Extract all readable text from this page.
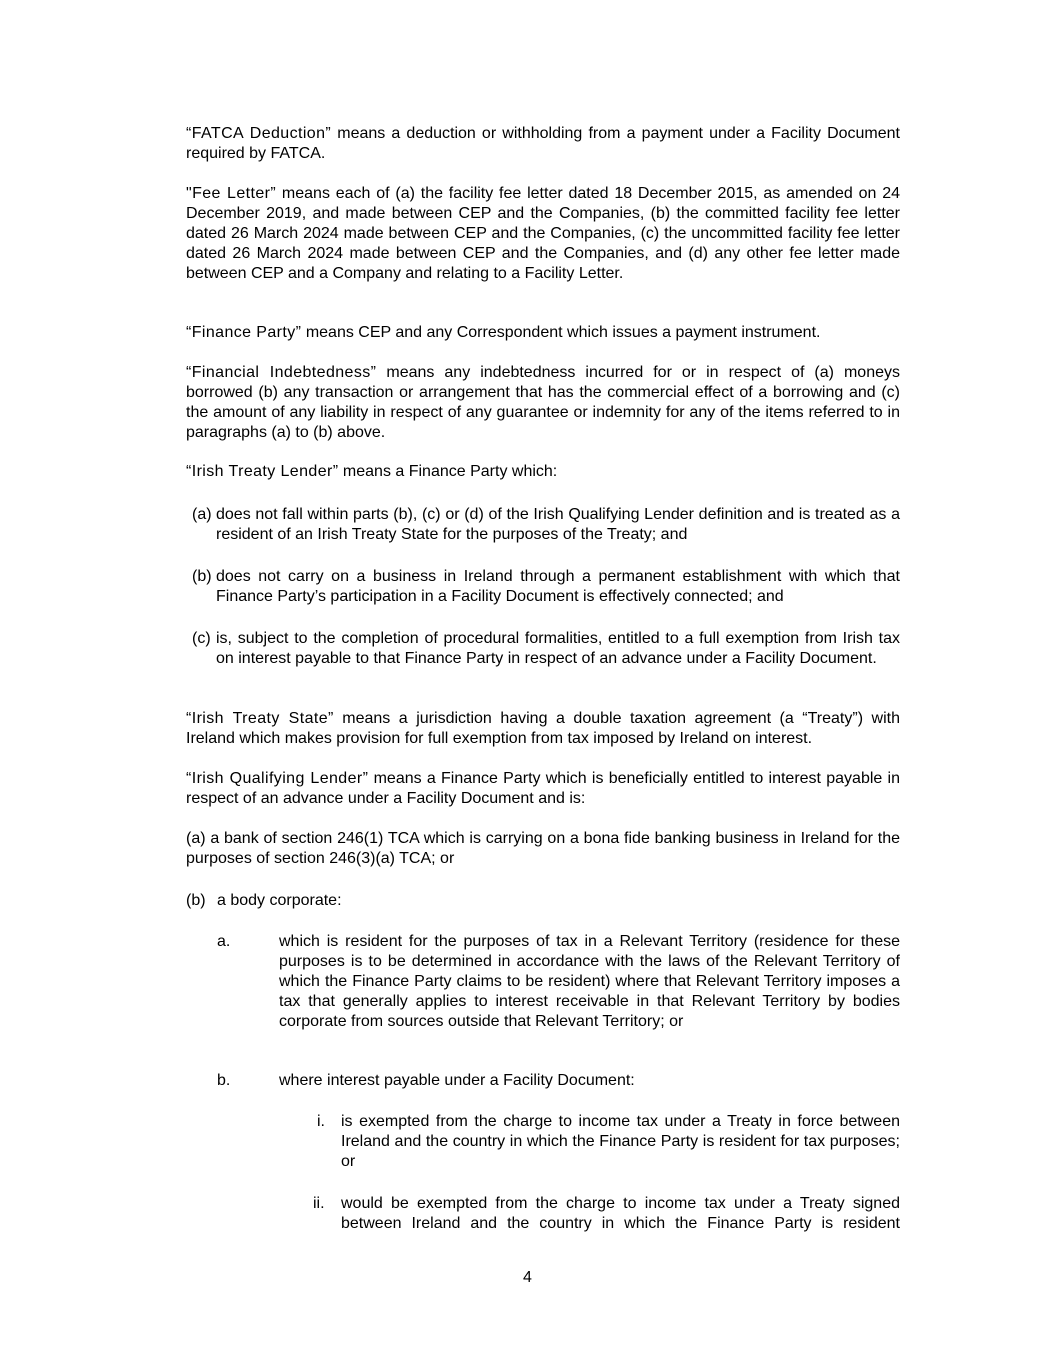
“FATCA Deduction” means a deduction or withholding from a payment under a Facility Document required by FATCA.

"Fee Letter” means each of (a) the facility fee letter dated 18 December 2015, as amended on 24 December 2019, and made between CEP and the Companies, (b) the committed facility fee letter dated 26 March 2024 made between CEP and the Companies, (c) the uncommitted facility fee letter dated 26 March 2024 made between CEP and the Companies, and (d) any other fee letter made between CEP and a Company and relating to a Facility Letter.

“Finance Party” means CEP and any Correspondent which issues a payment instrument.

“Financial Indebtedness” means any indebtedness incurred for or in respect of (a) moneys borrowed (b) any transaction or arrangement that has the commercial effect of a borrowing and (c) the amount of any liability in respect of any guarantee or indemnity for any of the items referred to in paragraphs (a) to (b) above.

“Irish Treaty Lender” means a Finance Party which:

(a) does not fall within parts (b), (c) or (d) of the Irish Qualifying Lender definition and is treated as a resident of an Irish Treaty State for the purposes of the Treaty; and
(b) does not carry on a business in Ireland through a permanent establishment with which that Finance Party’s participation in a Facility Document is effectively connected; and
(c) is, subject to the completion of procedural formalities, entitled to a full exemption from Irish tax on interest payable to that Finance Party in respect of an advance under a Facility Document.

“Irish Treaty State” means a jurisdiction having a double taxation agreement (a “Treaty”) with Ireland which makes provision for full exemption from tax imposed by Ireland on interest.

“Irish Qualifying Lender” means a Finance Party which is beneficially entitled to interest payable in respect of an advance under a Facility Document and is:

(a) a bank of section 246(1) TCA which is carrying on a bona fide banking business in Ireland for the purposes of section 246(3)(a) TCA; or

(b) a body corporate:
a.	which is resident for the purposes of tax in a Relevant Territory (residence for these purposes is to be determined in accordance with the laws of the Relevant Territory of which the Finance Party claims to be resident) where that Relevant Territory imposes a tax that generally applies to interest receivable in that Relevant Territory by bodies corporate from sources outside that Relevant Territory; or
b.	where interest payable under a Facility Document:
i. is exempted from the charge to income tax under a Treaty in force between Ireland and the country in which the Finance Party is resident for tax purposes; or
ii. would be exempted from the charge to income tax under a Treaty signed between Ireland and the country in which the Finance Party is resident
4
